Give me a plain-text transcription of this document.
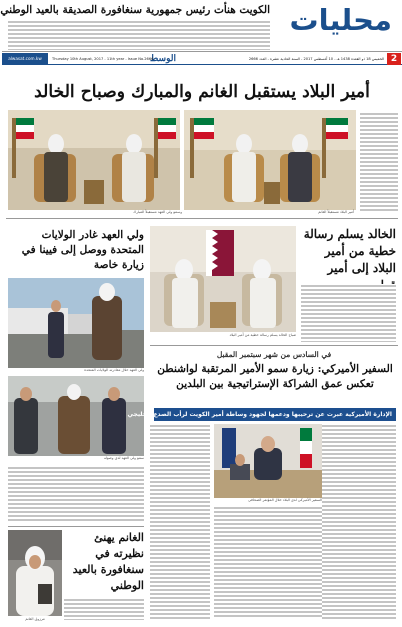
محليات
الكويت هنأت رئيس جمهورية سنغافورة الصديقة بالعيد الوطني
2
الخميس 18 ذو القعدة 1438 هـ - 10 أغسطس 2017 - السنة الحادية عشرة - العدد 2666
الوسط
Thursday 10th August, 2017 - 11th year - Issue No.2666
alwasat.com.kw
أمير البلاد يستقبل الغانم والمبارك وصباح الخالد
أمير البلاد مستقبلاً الغانم
وسمو ولي العهد مستقبلاً المبارك
الخالد يسلم رسالة خطية من أمير البلاد إلى أمير
صباح الخالد يسلم رسالة خطية من أمير البلاد
ولي العهد غادر الولايات المتحدة ووصل إلى فيينا في زيارة خاصة
ولي العهد خلال مغادرته الولايات المتحدة
سمو ولي العهد لدى وصوله
في السادس من شهر سبتمبر المقبل
السفير الأميركي: زيارة سمو الأمير المرتقبة لواشنطن تعكس عمق الشراكة الإستراتيجية بين البلدين
الإدارة الأميركية عبرت عن ترحيبها ودعمها لجهود وساطة أمير الكويت لرأب الصدع الخليجي
السفير الأميركي لدى البلاد خلال المؤتمر الصحافي
مرزوق الغانم
الغانم يهنئ نظيرته في سنغافورة بالعيد الوطني
